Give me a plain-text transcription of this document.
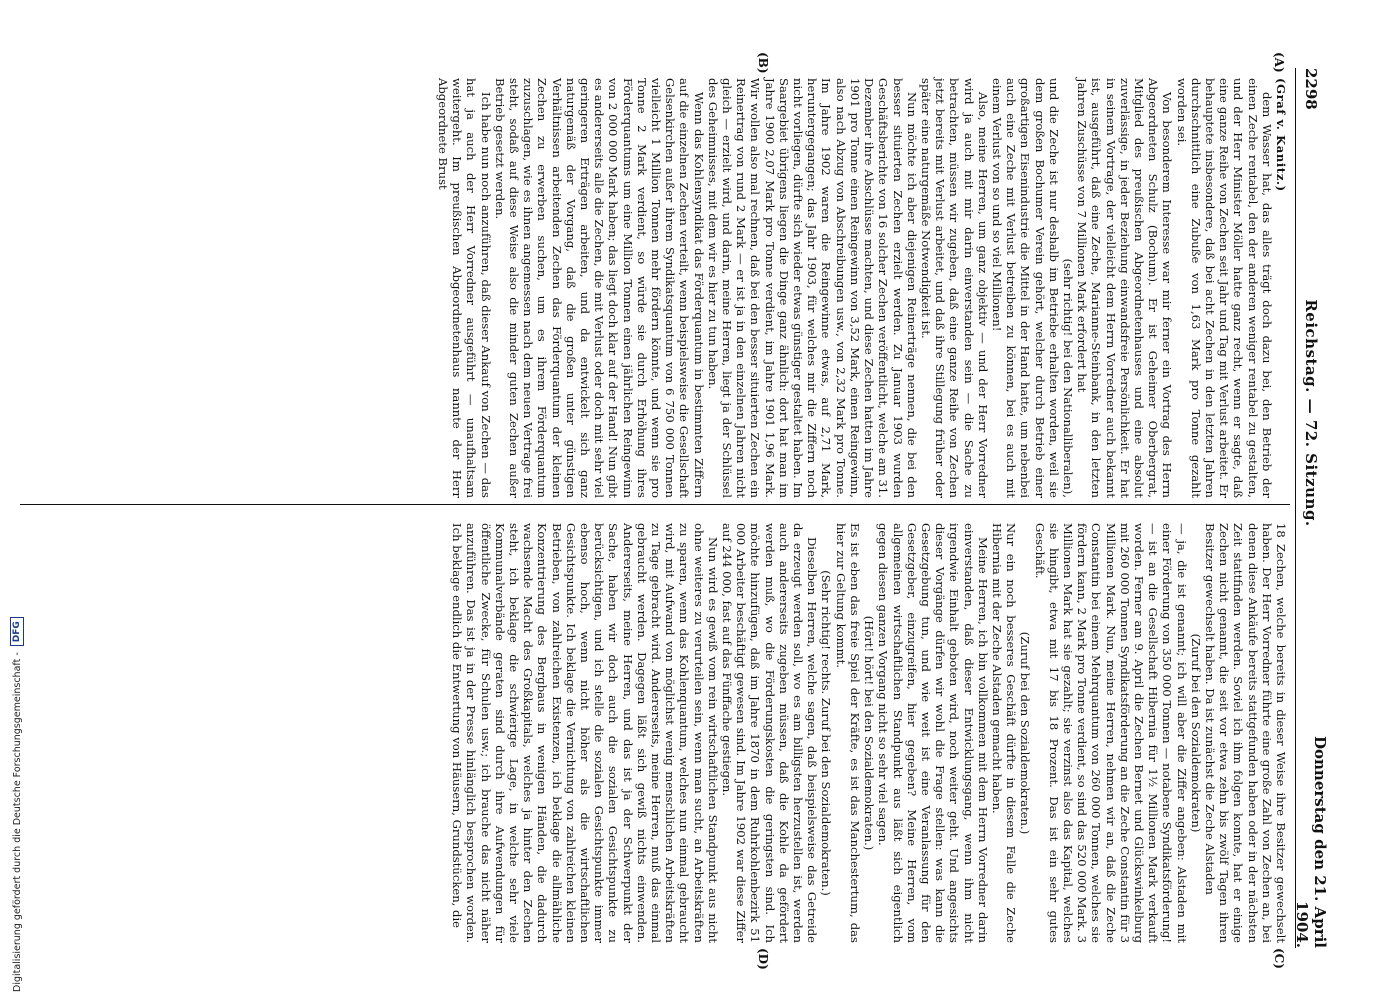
2298
Reichstag. — 72. Sitzung.
Donnerstag den 21. April 1904.
(A)
(B)
(C)
(D)

(Graf v. Kanitz.)

dem Wasser hat, das alles trägt doch dazu bei, den Betrieb der einen Zeche rentabel, den der anderen weniger rentabel zu gestalten, und der Herr Minister Möller hatte ganz recht, wenn er sagte, daß eine ganze Reihe von Zechen seit Jahr und Tag mit Verlust arbeitet. Er behauptete insbesondere, daß bei acht Zechen in den letzten Jahren durchschnittlich eine Zubuße von 1,63 Mark pro Tonne gezahlt worden sei.

Von besonderem Interesse war mir ferner ein Vortrag des Herrn Abgeordneten Schulz (Bochum). Er ist Geheimer Oberbergrat, Mitglied des preußischen Abgeordnetenhauses und eine absolut zuverlässige, in jeder Beziehung einwandsfreie Persönlichkeit. Er hat in seinem Vortrage, der vielleicht dem Herrn Vorredner auch bekannt ist, ausgeführt, daß eine Zeche, Marianne-Steinbank, in den letzten Jahren Zuschüsse von 7 Millionen Mark erfordert hat

(sehr richtig! bei den Nationalliberalen),

und die Zeche ist nur deshalb im Betriebe erhalten worden, weil sie dem großen Bochumer Verein gehört, welcher durch Betrieb einer großartigen Eisenindustrie die Mittel in der Hand hatte, um nebenbei auch eine Zeche mit Verlust betreiben zu können, bei es auch mit einem Verlust von so und so viel Millionen!

Also, meine Herren, um ganz objektiv — und der Herr Vorredner wird ja auch mit mir darin einverstanden sein — die Sache zu betrachten, müssen wir zugeben, daß eine ganze Reihe von Zechen jetzt bereits mit Verlust arbeitet, und daß ihre Stillegung früher oder später eine naturgemäße Notwendigkeit ist.

Nun möchte ich aber diejenigen Reinerträge nennen, die bei den besser situierten Zechen erzielt werden. Zu Januar 1903 wurden Geschäftsberichte von 16 solcher Zechen veröffentlicht, welche am 31. Dezember ihre Abschlüsse machten, und diese Zechen hatten im Jahre 1901 pro Tonne einen Reingewinn von 3,52 Mark, einen Reingewinn, also nach Abzug von Abschreibungen usw., von 2,32 Mark pro Tonne. Im Jahre 1902 waren die Reingewinne etwas, auf 2,71 Mark, heruntergegangen; das Jahr 1903, für welches mir die Ziffern noch nicht vorliegen, dürfte sich wieder etwas günstiger gestaltet haben. Im Saargebiet übrigens liegen die Dinge ganz ähnlich: dort hat man im Jahre 1900 2,07 Mark pro Tonne verdient, im Jahre 1901 1,96 Mark. Wir wollen also mal rechnen, daß bei den besser situierten Zechen ein Reinertrag von rund 2 Mark — er ist ja in den einzelnen Jahren nicht gleich — erzielt wird, und darin, meine Herren, liegt ja der Schlüssel des Geheimnisses, mit dem wir es hier zu tun haben.

Wenn das Kohlensyndikat das Förderquantum in bestimmten Ziffern auf die einzelnen Zechen verteilt, wenn beispielsweise die Gesellschaft Gelsenkirchen außer ihrem Syndikatsquantum von 6 750 000 Tonnen vielleicht 1 Million Tonnen mehr fördern könnte, und wenn sie pro Tonne 2 Mark verdient, so würde sie durch Erhöhung ihres Förderquantums um eine Million Tonnen einen jährlichen Reingewinn von 2 000 000 Mark haben; das liegt doch klar auf der Hand! Nun gibt es andererseits alle die Zechen, die mit Verlust oder doch mit sehr viel geringeren Erträgen arbeiten, und da entwickelt sich ganz naturgemäß der Vorgang, daß die großen unter günstigen Verhältnissen arbeitenden Zechen das Förderquantum der kleinen Zechen zu erwerben suchen, um es ihrem Förderquantum zuzuschlagen, wie es ihnen angemessen nach dem neuen Vertrage frei steht, sodaß auf diese Weise also die minder guten Zechen außer Betrieb gesetzt werden.

Ich habe nun noch anzuführen, daß dieser Ankauf von Zechen — das hat ja auch der Herr Vorredner ausgeführt — unaufhaltsam weitergeht. Im preußischen Abgeordnetenhaus nannte der Herr Abgeordnete Brust

18 Zechen, welche bereits in dieser Weise ihre Besitzer gewechselt haben. Der Herr Vorredner führte eine große Zahl von Zechen an, bei denen diese Ankäufe bereits stattgefunden haben oder in der nächsten Zeit stattfinden werden. Soviel ich ihm folgen konnte, hat er einige Zechen nicht genannt, die seit vor etwa zehn bis zwölf Tagen ihren Besitzer gewechselt haben. Da ist zunächst die Zeche Alstaden

(Zuruf bei den Sozialdemokraten)

— ja, die ist genannt; ich will aber die Ziffer angeben: Alstaden mit einer Förderung von 350 000 Tonnen — notabene Syndikatsförderung! — ist an die Gesellschaft Hibernia für 1½ Millionen Mark verkauft worden. Ferner am 9. April die Zechen Bernet und Glückswinkelburg mit 260 000 Tonnen Syndikatsförderung an die Zeche Constantin für 3 Millionen Mark. Nun, meine Herren, nehmen wir an, daß die Zeche Constantin bei einem Mehrquantum von 260 000 Tonnen, welches sie fördern kann, 2 Mark pro Tonne verdient, so sind das 520 000 Mark. 3 Millionen Mark hat sie gezahlt; sie verzinst also das Kapital, welches sie hingibt, etwa mit 17 bis 18 Prozent. Das ist ein sehr gutes Geschäft.

(Zuruf bei den Sozialdemokraten.)

Nur ein noch besseres Geschäft dürfte in diesem Falle die Zeche Hibernia mit der Zeche Alstaden gemacht haben.

Meine Herren, ich bin vollkommen mit dem Herrn Vorredner darin einverstanden, daß dieser Entwicklungsgang, wenn ihm nicht irgendwie Einhalt geboten wird, noch weiter geht. Und angesichts dieser Vorgänge dürfen wir wohl die Frage stellen: was kann die Gesetzgebung tun, und wie weit ist eine Veranlassung für den Gesetzgeber, einzugreifen, hier gegeben? Meine Herren, vom allgemeinen wirtschaftlichen Standpunkt aus läßt sich eigentlich gegen diesen ganzen Vorgang nicht so sehr viel sagen.

(Hört! hört! bei den Sozialdemokraten.)

Es ist eben das freie Spiel der Kräfte, es ist das Manchestertum, das hier zur Geltung kommt.

(Sehr richtig! rechts. Zuruf bei den Sozialdemokraten.)

Dieselben Herren, welche sagen, daß beispielsweise das Getreide da erzeugt werden soll, wo es am billigsten herzustellen ist, werden auch andererseits zugeben müssen, daß die Kohle da gefördert werden muß, wo die Förderungskosten die geringsten sind. Ich möchte hinzufügen, daß im Jahre 1870 in dem Ruhrkohlenbezirk 51 000 Arbeiter beschäftigt gewesen sind. Im Jahre 1902 war diese Ziffer auf 244 000, fast auf das Fünffache gestiegen.

Nun wird es gewiß vom rein wirtschaftlichen Standpunkt aus nicht ohne weiteres zu verurteilen sein, wenn man sucht, an Arbeitskräften zu sparen, wenn das Kohlenquantum, welches nun einmal gebraucht wird, mit Aufwand von möglichst wenig menschlichen Arbeitskräften zu Tage gebracht wird. Andererseits, meine Herren, muß das einmal gebraucht werden. Dagegen läßt sich gewiß nichts einwenden. Andererseits, meine Herren, und das ist ja der Schwerpunkt der Sache, haben wir doch auch die sozialen Gesichtspunkte zu berücksichtigen, und ich stelle die sozialen Gesichtspunkte immer ebenso hoch, wenn nicht höher als die wirtschaftlichen Gesichtspunkte. Ich beklage die Vernichtung von zahlreichen kleinen Betrieben, von zahlreichen Existenzen, ich beklage die allmähliche Konzentrierung des Bergbaus in wenigen Händen, die dadurch wachsende Macht des Großkapitals, welches ja hinter den Zechen steht, ich beklage die schwierige Lage, in welche sehr viele Kommunalverbände geraten sind durch ihre Aufwendungen für öffentliche Zwecke, für Schulen usw.; ich brauche das nicht näher anzuführen. Das ist ja in der Presse hinlänglich besprochen worden. Ich beklage endlich die Entwertung von Häusern, Grundstücken, die

Digitalisierung gefördert durch die Deutsche Forschungsgemeinschaft -
DFG
